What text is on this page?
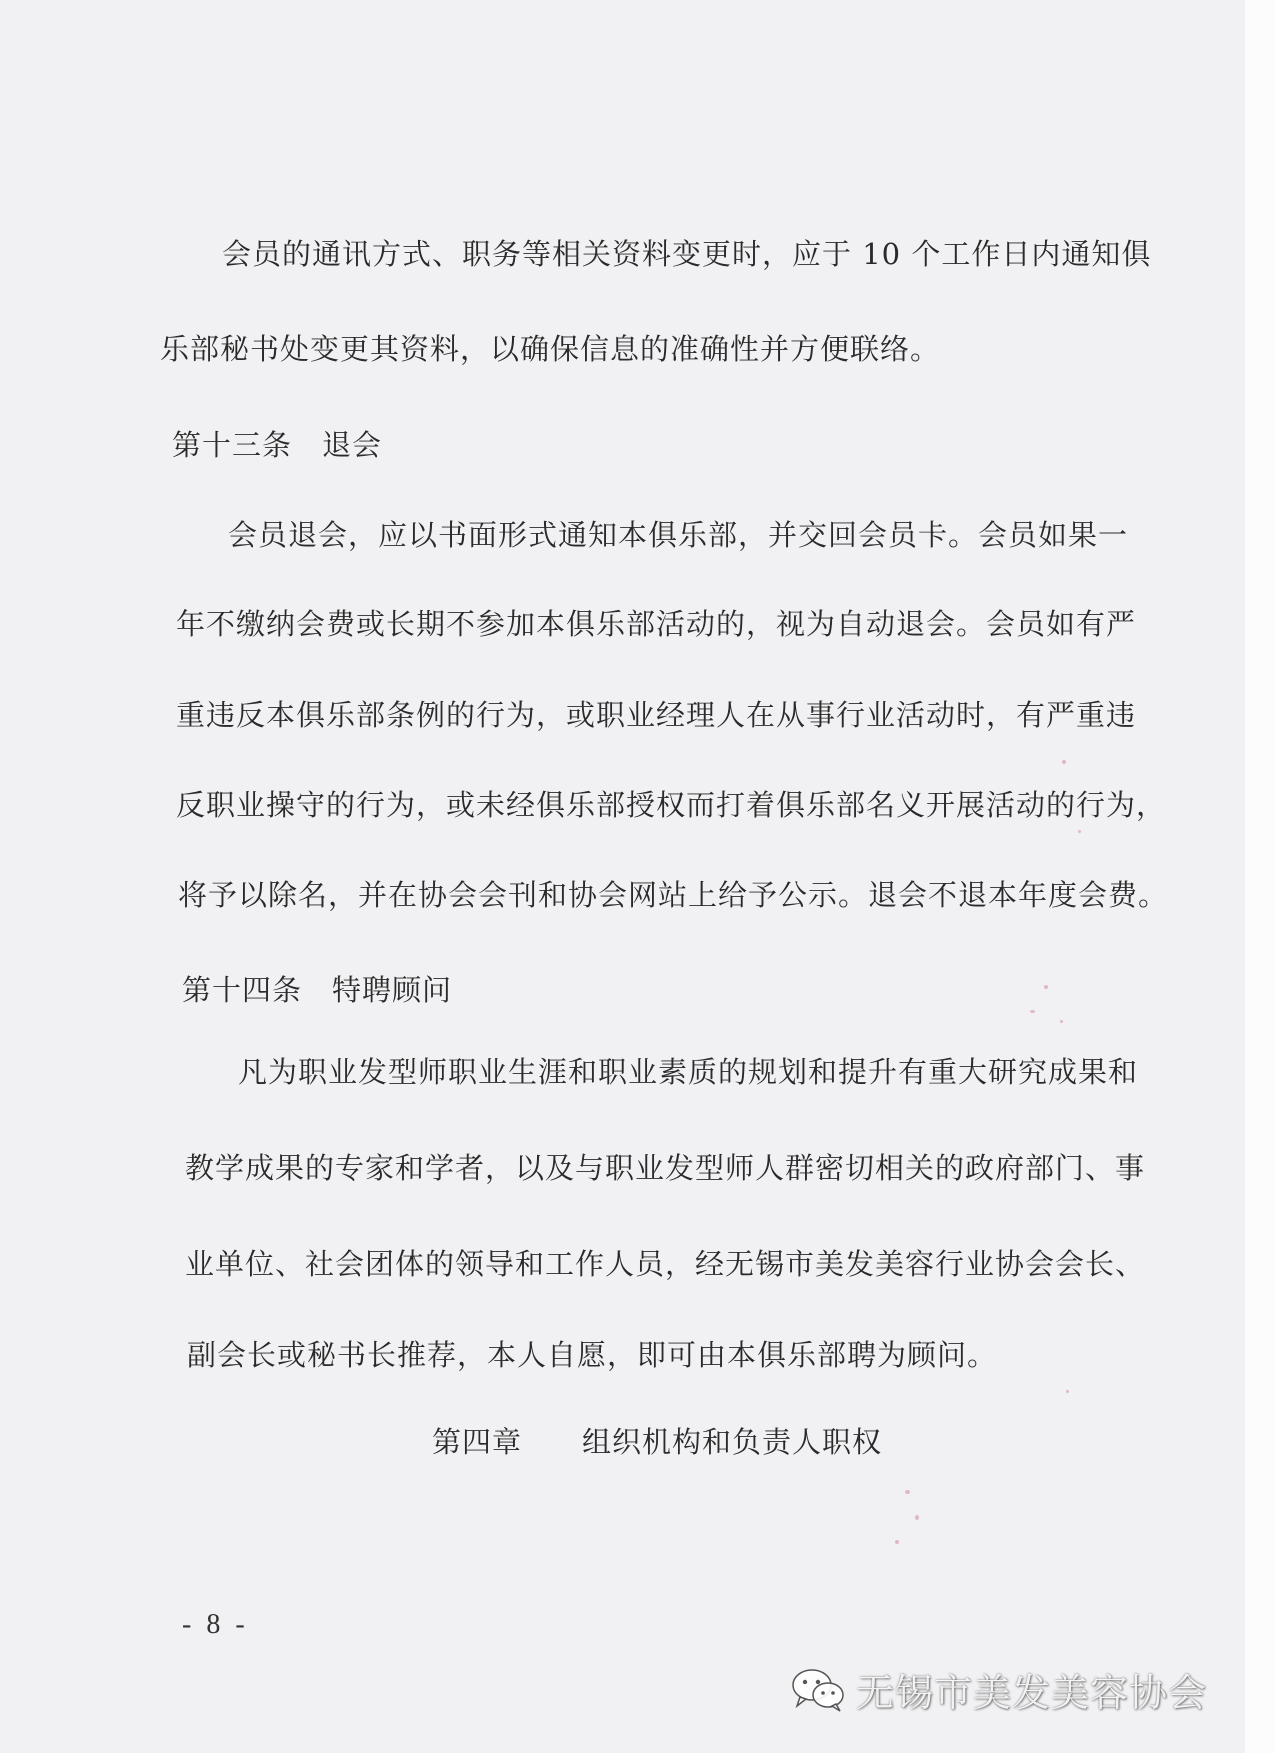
会员的通讯方式、职务等相关资料变更时，应于 10 个工作日内通知俱
乐部秘书处变更其资料，以确保信息的准确性并方便联络。
第十三条　退会
会员退会，应以书面形式通知本俱乐部，并交回会员卡。会员如果一
年不缴纳会费或长期不参加本俱乐部活动的，视为自动退会。会员如有严
重违反本俱乐部条例的行为，或职业经理人在从事行业活动时，有严重违
反职业操守的行为，或未经俱乐部授权而打着俱乐部名义开展活动的行为，
将予以除名，并在协会会刊和协会网站上给予公示。退会不退本年度会费。
第十四条　特聘顾问
凡为职业发型师职业生涯和职业素质的规划和提升有重大研究成果和
教学成果的专家和学者，以及与职业发型师人群密切相关的政府部门、事
业单位、社会团体的领导和工作人员，经无锡市美发美容行业协会会长、
副会长或秘书长推荐，本人自愿，即可由本俱乐部聘为顾问。
第四章　　组织机构和负责人职权
- 8 -
无锡市美发美容协会
